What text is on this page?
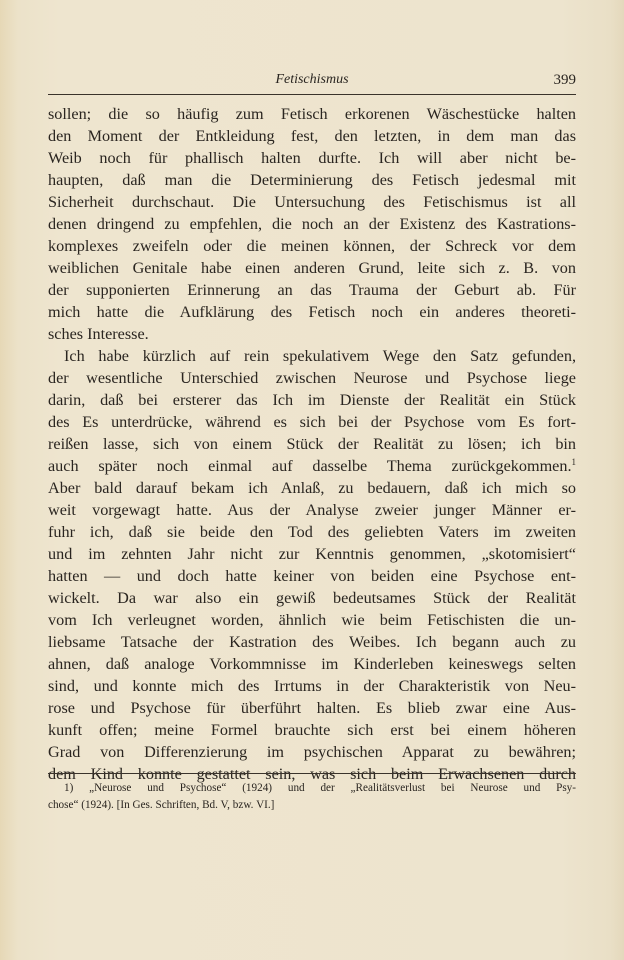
Fetischismus	399
sollen; die so häufig zum Fetisch erkorenen Wäschestücke halten
den Moment der Entkleidung fest, den letzten, in dem man das
Weib noch für phallisch halten durfte. Ich will aber nicht be-
haupten, daß man die Determinierung des Fetisch jedesmal mit
Sicherheit durchschaut. Die Untersuchung des Fetischismus ist all
denen dringend zu empfehlen, die noch an der Existenz des Kastrations-
komplexes zweifeln oder die meinen können, der Schreck vor dem
weiblichen Genitale habe einen anderen Grund, leite sich z. B. von
der supponierten Erinnerung an das Trauma der Geburt ab. Für
mich hatte die Aufklärung des Fetisch noch ein anderes theoreti-
sches Interesse.
Ich habe kürzlich auf rein spekulativem Wege den Satz gefunden,
der wesentliche Unterschied zwischen Neurose und Psychose liege
darin, daß bei ersterer das Ich im Dienste der Realität ein Stück
des Es unterdrücke, während es sich bei der Psychose vom Es fort-
reißen lasse, sich von einem Stück der Realität zu lösen; ich bin
auch später noch einmal auf dasselbe Thema zurückgekommen.$^1$
Aber bald darauf bekam ich Anlaß, zu bedauern, daß ich mich so
weit vorgewagt hatte. Aus der Analyse zweier junger Männer er-
fuhr ich, daß sie beide den Tod des geliebten Vaters im zweiten
und im zehnten Jahr nicht zur Kenntnis genommen, „skotomisiert“
hatten — und doch hatte keiner von beiden eine Psychose ent-
wickelt. Da war also ein gewiß bedeutsames Stück der Realität
vom Ich verleugnet worden, ähnlich wie beim Fetischisten die un-
liebsame Tatsache der Kastration des Weibes. Ich begann auch zu
ahnen, daß analoge Vorkommnisse im Kinderleben keineswegs selten
sind, und konnte mich des Irrtums in der Charakteristik von Neu-
rose und Psychose für überführt halten. Es blieb zwar eine Aus-
kunft offen; meine Formel brauchte sich erst bei einem höheren
Grad von Differenzierung im psychischen Apparat zu bewähren;
dem Kind konnte gestattet sein, was sich beim Erwachsenen durch
1) „Neurose und Psychose“ (1924) und der „Realitätsverlust bei Neurose und Psy-
chose“ (1924). [In Ges. Schriften, Bd. V, bzw. VI.]
